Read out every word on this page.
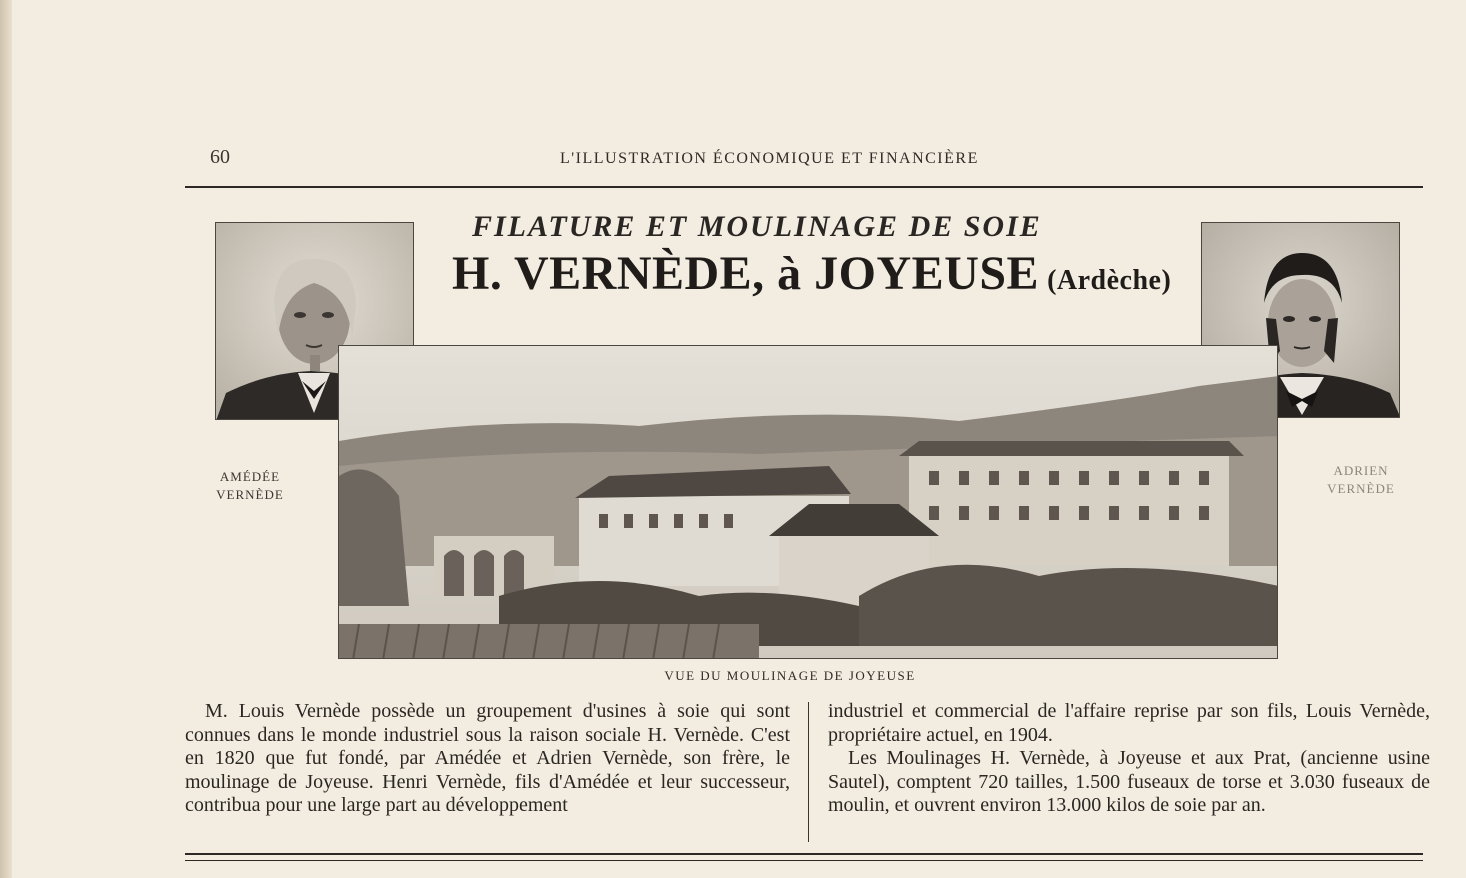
60	L'ILLUSTRATION ÉCONOMIQUE ET FINANCIÈRE
FILATURE ET MOULINAGE DE SOIE
H. VERNÈDE, à JOYEUSE (Ardèche)
AMÉDÉE
VERNÈDE
ADRIEN
VERNÈDE
VUE DU MOULINAGE DE JOYEUSE

M. Louis Vernède possède un groupement d'usines à soie qui sont connues dans le monde industriel sous la raison sociale H. Vernède. C'est en 1820 que fut fondé, par Amédée et Adrien Vernède, son frère, le moulinage de Joyeuse. Henri Vernède, fils d'Amédée et leur successeur, contribua pour une large part au développement

industriel et commercial de l'affaire reprise par son fils, Louis Vernède, propriétaire actuel, en 1904.

Les Moulinages H. Vernède, à Joyeuse et aux Prat, (ancienne usine Sautel), comptent 720 tailles, 1.500 fuseaux de torse et 3.030 fuseaux de moulin, et ouvrent environ 13.000 kilos de soie par an.
